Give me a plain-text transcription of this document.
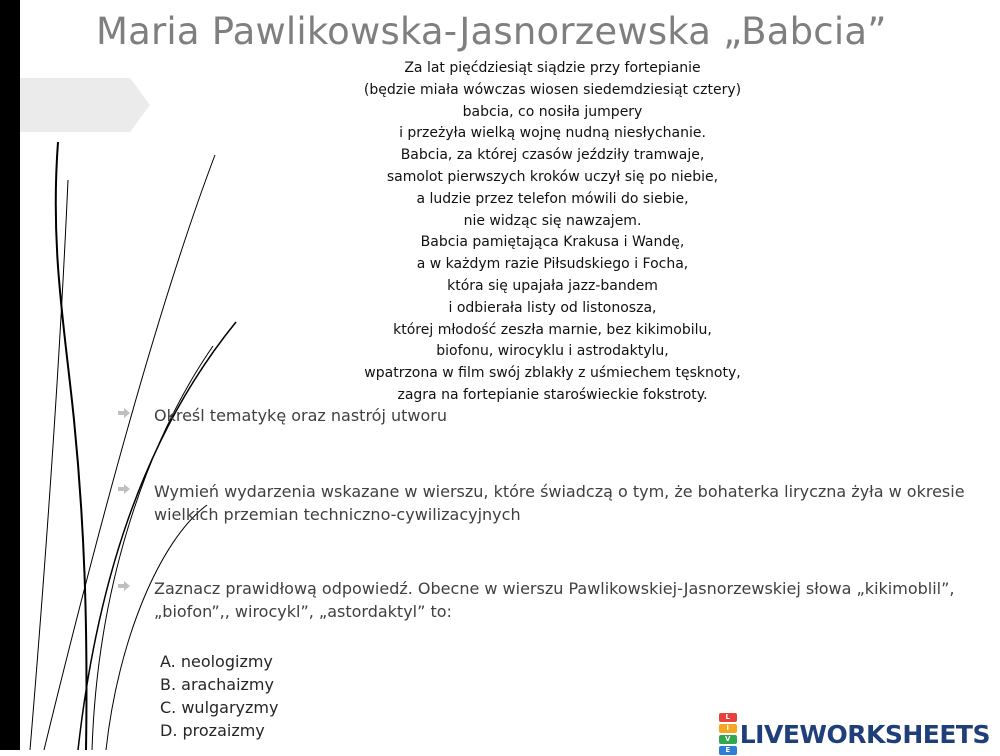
Maria Pawlikowska-Jasnorzewska „Babcia”
Za lat pięćdziesiąt siądzie przy fortepianie
(będzie miała wówczas wiosen siedemdziesiąt cztery)
babcia, co nosiła jumpery
i przeżyła wielką wojnę nudną niesłychanie.
Babcia, za której czasów jeździły tramwaje,
samolot pierwszych kroków uczył się po niebie,
a ludzie przez telefon mówili do siebie,
nie widząc się nawzajem.
Babcia pamiętająca Krakusa i Wandę,
a w każdym razie Piłsudskiego i Focha,
która się upajała jazz-bandem
i odbierała listy od listonosza,
której młodość zeszła marnie, bez kikimobilu,
biofonu, wirocyklu i astrodaktylu,
wpatrzona w film swój zblakły z uśmiechem tęsknoty,
zagra na fortepianie staroświeckie fokstroty.
Określ tematykę oraz nastrój utworu
Wymień wydarzenia wskazane w wierszu, które świadczą o tym, że bohaterka liryczna żyła w okresie wielkich przemian techniczno-cywilizacyjnych
Zaznacz prawidłową odpowiedź. Obecne w wierszu Pawlikowskiej-Jasnorzewskiej słowa „kikimoblil”, „biofon”,, wirocykl”, „astordaktyl” to:
A. neologizmy
B. arachaizmy
C. wulgaryzmy
D. prozaizmy
L
I
V
E
LIVEWORKSHEETS
